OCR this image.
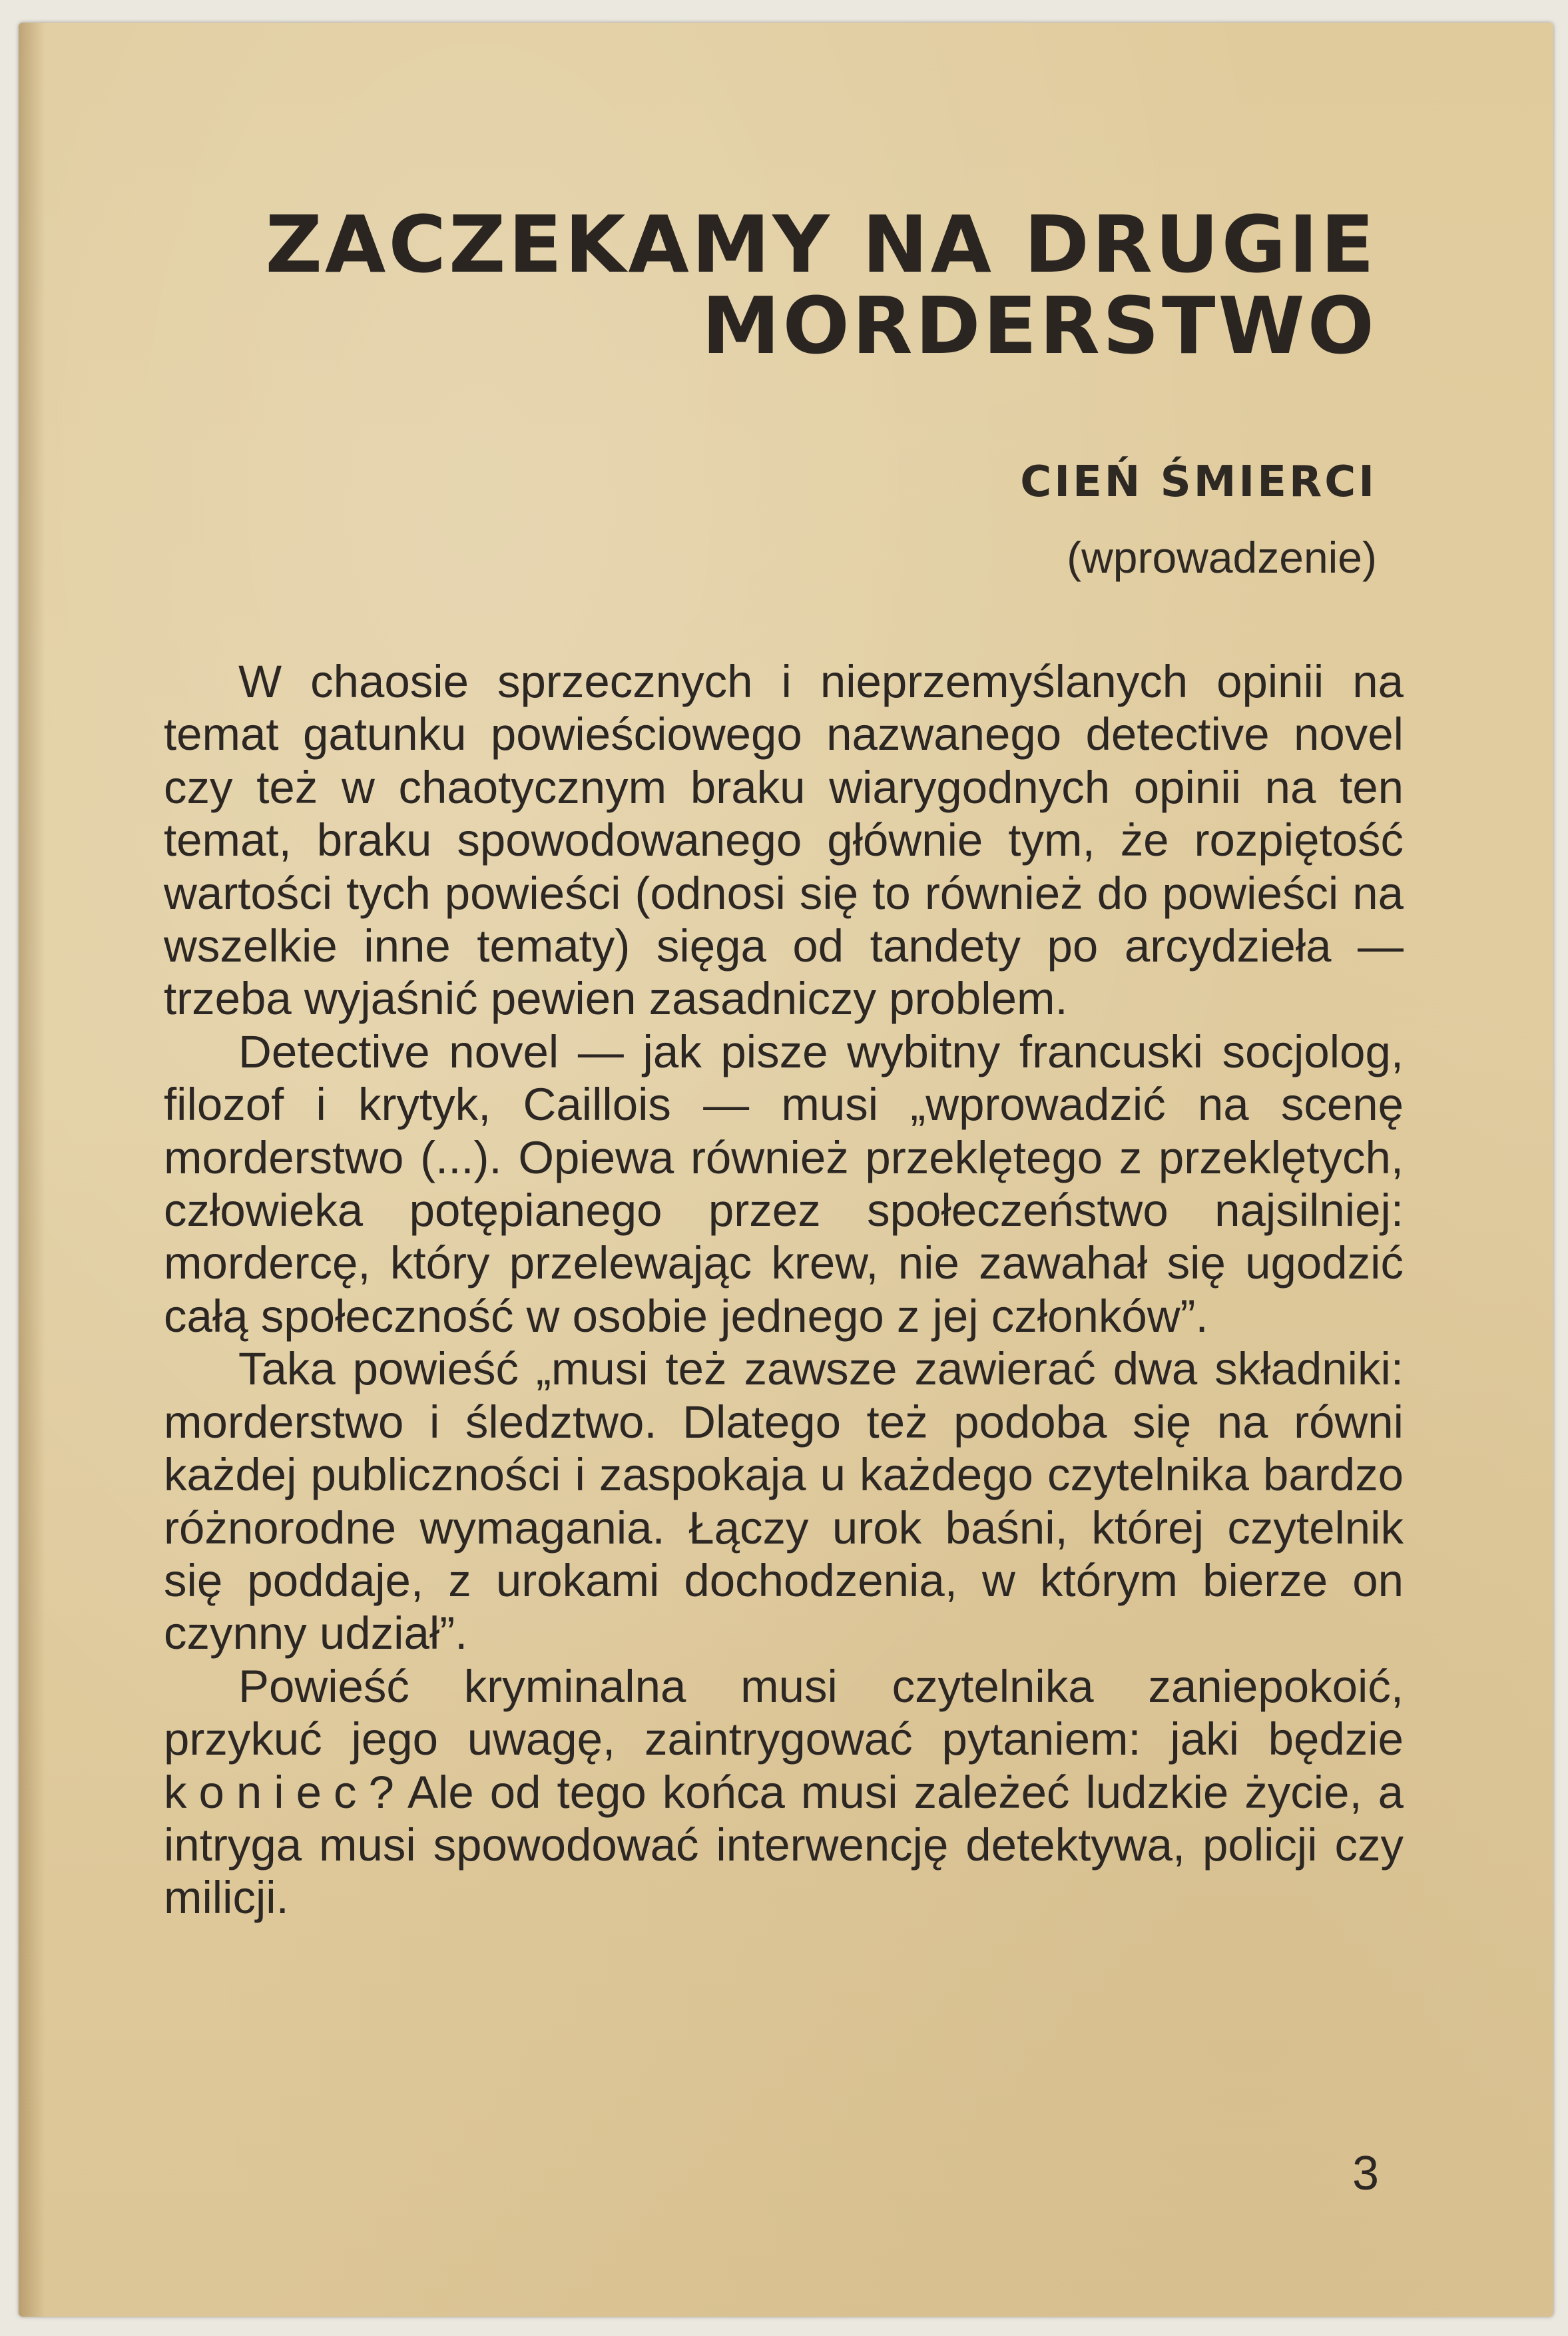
ZACZEKAMY NA DRUGIE
MORDERSTWO
CIEŃ ŚMIERCI

(wprowadzenie)

W chaosie sprzecznych i nieprzemyślanych opinii na temat gatunku powieściowego nazwanego detective novel czy też w chaotycznym braku wiarygodnych opinii na ten temat, braku spowodowanego głównie tym, że rozpiętość wartości tych powieści (odnosi się to również do powieści na wszelkie inne tematy) sięga od tandety po arcydzieła — trzeba wyjaśnić pewien zasadniczy problem.

Detective novel — jak pisze wybitny francuski socjolog, filozof i krytyk, Caillois — musi „wprowadzić na scenę morderstwo (...). Opiewa również przeklętego z przeklętych, człowieka potępianego przez społeczeństwo najsilniej: mordercę, który przelewając krew, nie zawahał się ugodzić całą społeczność w osobie jednego z jej członków”.

Taka powieść „musi też zawsze zawierać dwa składniki: morderstwo i śledztwo. Dlatego też podoba się na równi każdej publiczności i zaspokaja u każdego czytelnika bardzo różnorodne wymagania. Łączy urok baśni, której czytelnik się poddaje, z urokami dochodzenia, w którym bierze on czynny udział”.

Powieść kryminalna musi czytelnika zaniepokoić, przykuć jego uwagę, zaintrygować pytaniem: jaki będzie koniec? Ale od tego końca musi zależeć ludzkie życie, a intryga musi spowodować interwencję detektywa, policji czy milicji.

3
